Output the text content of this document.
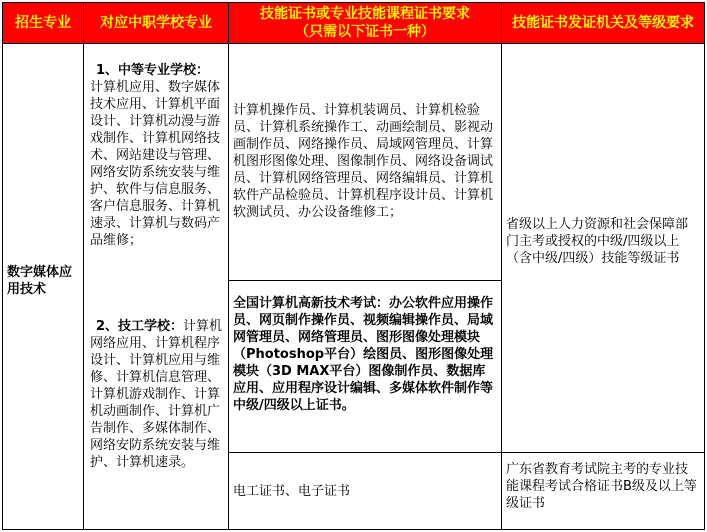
招生专业 对应中职学校专业
技能证书或专业技能课程证书要求
（只需以下证书一种）
技能证书发证机关及等级要求
数字媒体应用技术
1、中等专业学校：
计算机应用、数字媒体技术应用、计算机平面设计、计算机动漫与游戏制作、计算机网络技术、网站建设与管理、网络安防系统安装与维护、软件与信息服务、客户信息服务、计算机速录、计算机与数码产品维修；
2、技工学校：计算机网络应用、计算机程序设计、计算机应用与维修、计算机信息管理、计算机游戏制作、计算机动画制作、计算机广告制作、多媒体制作、网络安防系统安装与维护、计算机速录。
计算机操作员、计算机装调员、计算机检验员、计算机系统操作工、动画绘制员、影视动画制作员、网络操作员、局域网管理员、计算机图形图像处理、图像制作员、网络设备调试员、计算机网络管理员、网络编辑员、计算机软件产品检验员、计算机程序设计员、计算机软测试员、办公设备维修工；
全国计算机高新技术考试：办公软件应用操作员、网页制作操作员、视频编辑操作员、局域网管理员、网络管理员、图形图像处理模块（Photoshop平台）绘图员、图形图像处理模块（3D MAX平台）图像制作员、数据库应用、应用程序设计编辑、多媒体软件制作等中级/四级以上证书。
电工证书、电子证书
省级以上人力资源和社会保障部门主考或授权的中级/四级以上（含中级/四级）技能等级证书
广东省教育考试院主考的专业技能课程考试合格证书B级及以上等级证书
